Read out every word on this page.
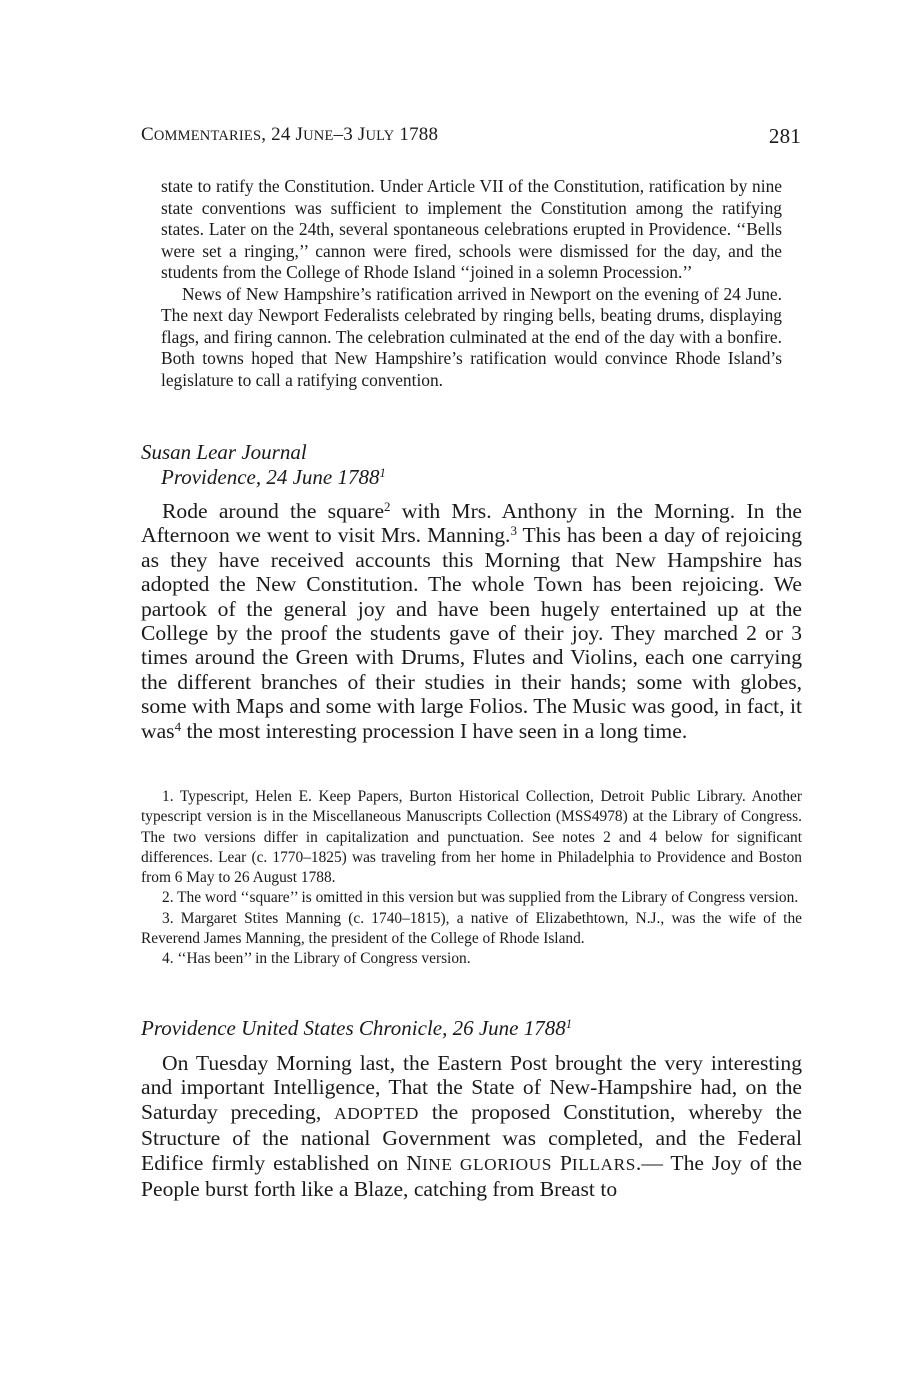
COMMENTARIES, 24 JUNE–3 JULY 1788	281

state to ratify the Constitution. Under Article VII of the Constitution, ratification by nine state conventions was sufficient to implement the Constitution among the ratifying states. Later on the 24th, several spontaneous celebrations erupted in Providence. ‘‘Bells were set a ringing,’’ cannon were fired, schools were dismissed for the day, and the students from the College of Rhode Island ‘‘joined in a solemn Procession.’’

News of New Hampshire’s ratification arrived in Newport on the evening of 24 June. The next day Newport Federalists celebrated by ringing bells, beating drums, displaying flags, and firing cannon. The celebration culminated at the end of the day with a bonfire. Both towns hoped that New Hampshire’s ratification would convince Rhode Island’s legislature to call a ratifying convention.

Susan Lear Journal
Providence, 24 June 1788$^1$

Rode around the square$^2$ with Mrs. Anthony in the Morning. In the Afternoon we went to visit Mrs. Manning.$^3$ This has been a day of rejoicing as they have received accounts this Morning that New Hampshire has adopted the New Constitution. The whole Town has been rejoicing. We partook of the general joy and have been hugely entertained up at the College by the proof the students gave of their joy. They marched 2 or 3 times around the Green with Drums, Flutes and Violins, each one carrying the different branches of their studies in their hands; some with globes, some with Maps and some with large Folios. The Music was good, in fact, it was$^4$ the most interesting procession I have seen in a long time.

1. Typescript, Helen E. Keep Papers, Burton Historical Collection, Detroit Public Library. Another typescript version is in the Miscellaneous Manuscripts Collection (MSS4978) at the Library of Congress. The two versions differ in capitalization and punctuation. See notes 2 and 4 below for significant differences. Lear (c. 1770–1825) was traveling from her home in Philadelphia to Providence and Boston from 6 May to 26 August 1788.

2. The word ‘‘square’’ is omitted in this version but was supplied from the Library of Congress version.

3. Margaret Stites Manning (c. 1740–1815), a native of Elizabethtown, N.J., was the wife of the Reverend James Manning, the president of the College of Rhode Island.

4. ‘‘Has been’’ in the Library of Congress version.

Providence United States Chronicle, 26 June 1788$^1$

On Tuesday Morning last, the Eastern Post brought the very interesting and important Intelligence, That the State of New-Hampshire had, on the Saturday preceding, ADOPTED the proposed Constitution, whereby the Structure of the national Government was completed, and the Federal Edifice firmly established on NINE GLORIOUS PILLARS.— The Joy of the People burst forth like a Blaze, catching from Breast to
